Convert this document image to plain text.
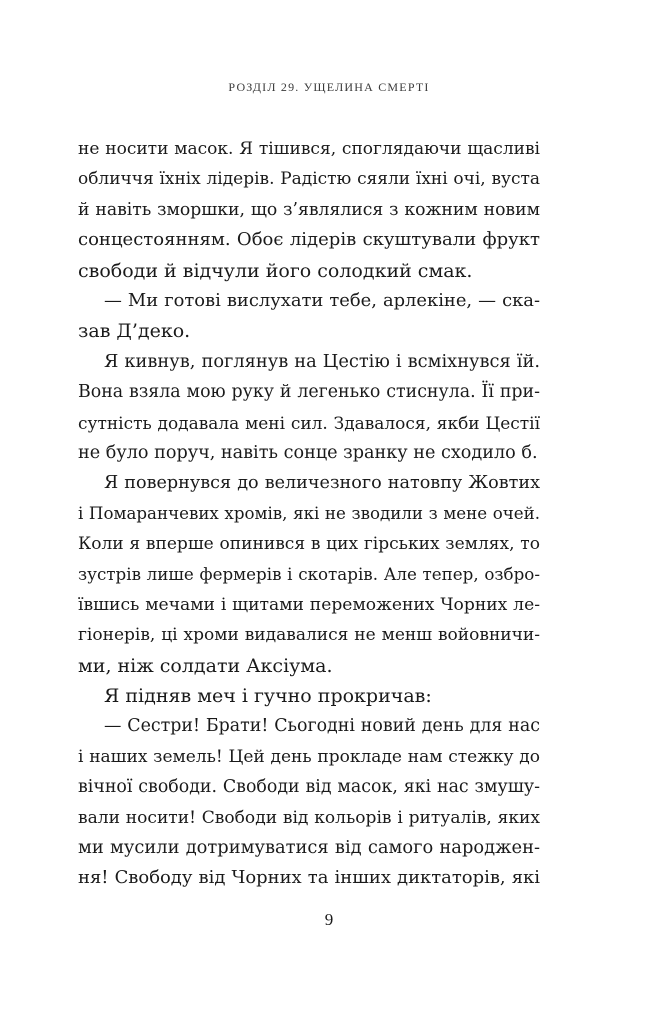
РОЗДІЛ 29. УЩЕЛИНА СМЕРТІ
не носити масок. Я тішився, споглядаючи щасливі
обличчя їхніх лідерів. Радістю сяяли їхні очі, вуста
й навіть зморшки, що з’являлися з кожним новим
сонцестоянням. Обоє лідерів скуштували фрукт
свободи й відчули його солодкий смак.
— Ми готові вислухати тебе, арлекіне, — ска-
зав Д’деко.
Я кивнув, поглянув на Цестію і всміхнувся їй.
Вона взяла мою руку й легенько стиснула. Її при-
сутність додавала мені сил. Здавалося, якби Цестії
не було поруч, навіть сонце зранку не сходило б.
Я повернувся до величезного натовпу Жовтих
і Помаранчевих хромів, які не зводили з мене очей.
Коли я вперше опинився в цих гірських землях, то
зустрів лише фермерів і скотарів. Але тепер, озбро-
ївшись мечами і щитами переможених Чорних ле-
гіонерів, ці хроми видавалися не менш войовничи-
ми, ніж солдати Аксіума.
Я підняв меч і гучно прокричав:
— Сестри! Брати! Сьогодні новий день для нас
і наших земель! Цей день прокладе нам стежку до
вічної свободи. Свободи від масок, які нас змушу-
вали носити! Свободи від кольорів і ритуалів, яких
ми мусили дотримуватися від самого народжен-
ня! Свободу від Чорних та інших диктаторів, які
9
